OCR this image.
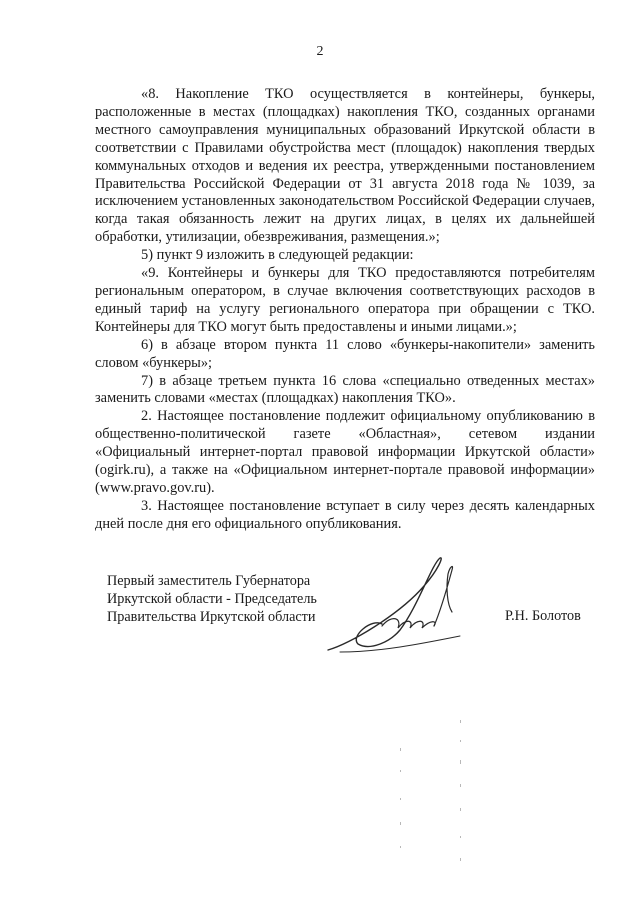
2

«8. Накопление ТКО осуществляется в контейнеры, бункеры, расположенные в местах (площадках) накопления ТКО, созданных органами местного самоуправления муниципальных образований Иркутской области в соответствии с Правилами обустройства мест (площадок) накопления твердых коммунальных отходов и ведения их реестра, утвержденными постановлением Правительства Российской Федерации от 31 августа 2018 года № 1039, за исключением установленных законодательством Российской Федерации случаев, когда такая обязанность лежит на других лицах, в целях их дальнейшей обработки, утилизации, обезвреживания, размещения.»;

5) пункт 9 изложить в следующей редакции:

«9. Контейнеры и бункеры для ТКО предоставляются потребителям региональным оператором, в случае включения соответствующих расходов в единый тариф на услугу регионального оператора при обращении с ТКО. Контейнеры для ТКО могут быть предоставлены и иными лицами.»;

6) в абзаце втором пункта 11 слово «бункеры-накопители» заменить словом «бункеры»;

7) в абзаце третьем пункта 16 слова «специально отведенных местах» заменить словами «местах (площадках) накопления ТКО».

2. Настоящее постановление подлежит официальному опубликованию в общественно-политической газете «Областная», сетевом издании «Официальный интернет-портал правовой информации Иркутской области» (ogirk.ru), а также на «Официальном интернет-портале правовой информации» (www.pravo.gov.ru).

3. Настоящее постановление вступает в силу через десять календарных дней после дня его официального опубликования.

Первый заместитель Губернатора
Иркутской области - Председатель
Правительства Иркутской области	Р.Н. Болотов
